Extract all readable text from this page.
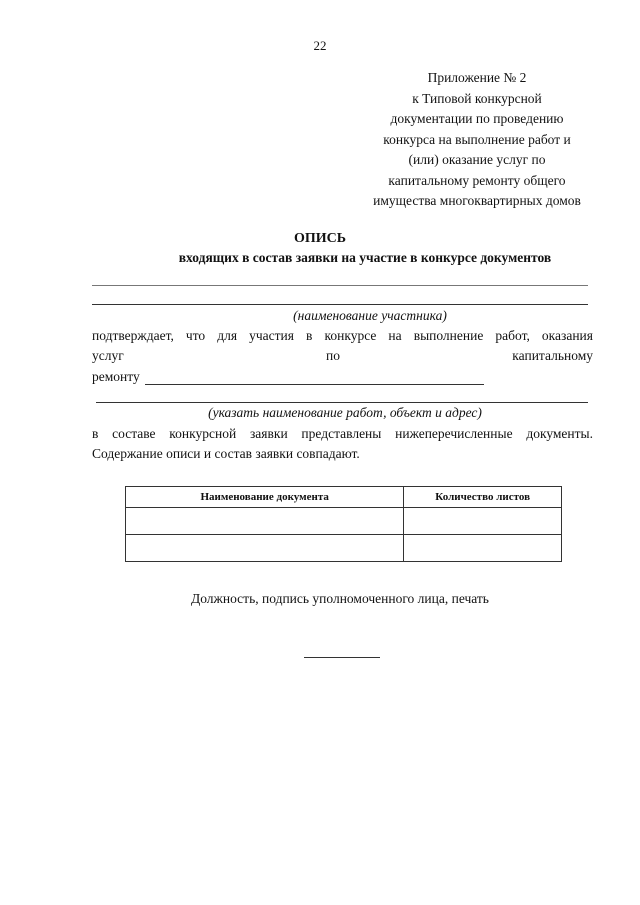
22
Приложение № 2
к Типовой конкурсной
документации по проведению
конкурса на выполнение работ и
(или) оказание услуг по
капитальному ремонту общего
имущества многоквартирных домов
ОПИСЬ
входящих в состав заявки на участие в конкурсе документов
(наименование участника)
подтверждает, что для участия в конкурсе на выполнение работ, оказания
услуг	по	капитальному
ремонту
(указать наименование работ, объект и адрес)
в составе конкурсной заявки представлены нижеперечисленные документы.
Содержание описи и состав заявки совпадают.
Наименование документа	Количество листов

Должность, подпись уполномоченного лица, печать
